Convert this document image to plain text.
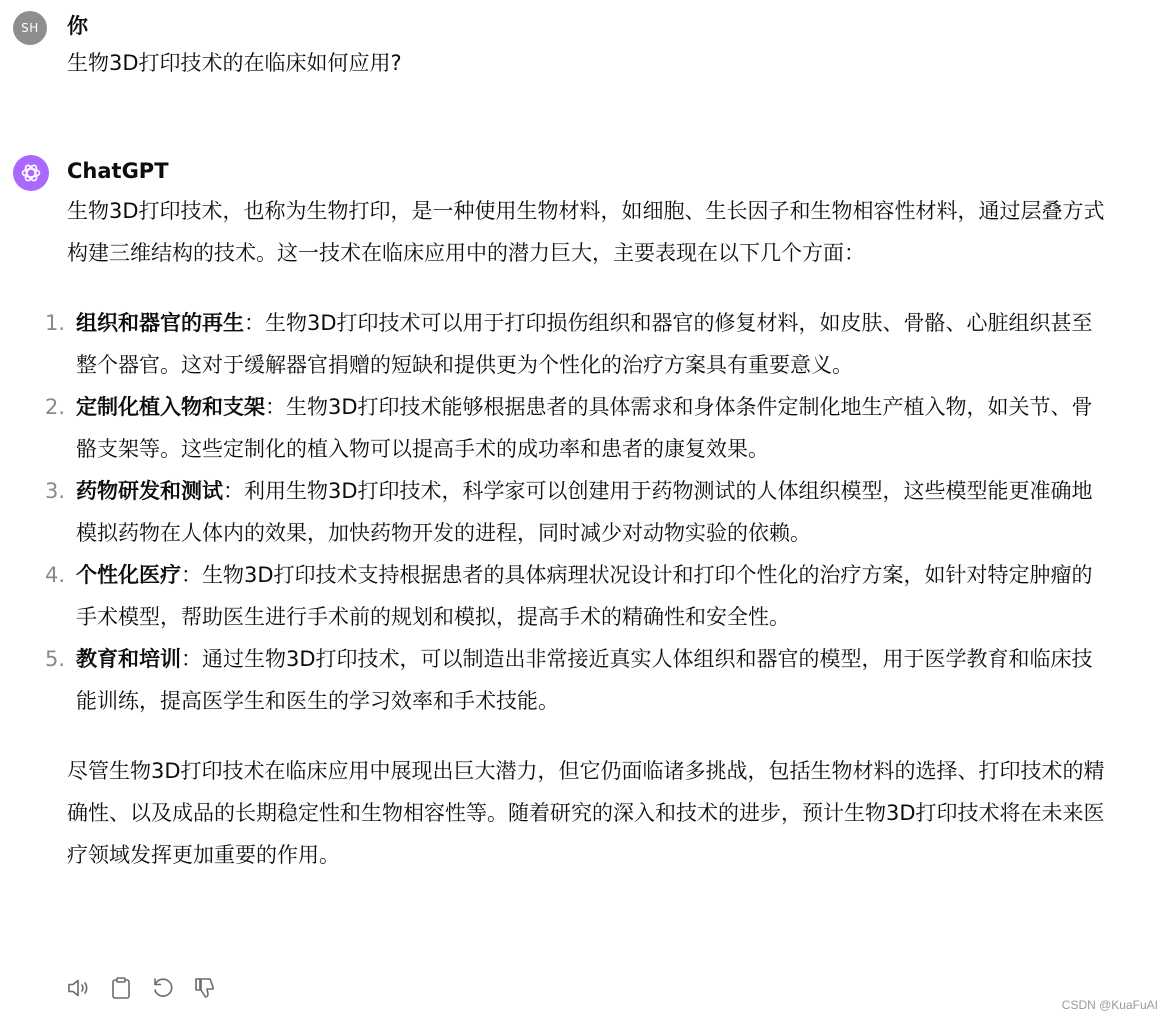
SH 你
生物3D打印技术的在临床如何应用?
ChatGPT

生物3D打印技术，也称为生物打印，是一种使用生物材料，如细胞、生长因子和生物相容性材料，通过层叠方式构建三维结构的技术。这一技术在临床应用中的潜力巨大，主要表现在以下几个方面：

1. 组织和器官的再生：生物3D打印技术可以用于打印损伤组织和器官的修复材料，如皮肤、骨骼、心脏组织甚至整个器官。这对于缓解器官捐赠的短缺和提供更为个性化的治疗方案具有重要意义。
2. 定制化植入物和支架：生物3D打印技术能够根据患者的具体需求和身体条件定制化地生产植入物，如关节、骨骼支架等。这些定制化的植入物可以提高手术的成功率和患者的康复效果。
3. 药物研发和测试：利用生物3D打印技术，科学家可以创建用于药物测试的人体组织模型，这些模型能更准确地模拟药物在人体内的效果，加快药物开发的进程，同时减少对动物实验的依赖。
4. 个性化医疗：生物3D打印技术支持根据患者的具体病理状况设计和打印个性化的治疗方案，如针对特定肿瘤的手术模型，帮助医生进行手术前的规划和模拟，提高手术的精确性和安全性。
5. 教育和培训：通过生物3D打印技术，可以制造出非常接近真实人体组织和器官的模型，用于医学教育和临床技能训练，提高医学生和医生的学习效率和手术技能。

尽管生物3D打印技术在临床应用中展现出巨大潜力，但它仍面临诸多挑战，包括生物材料的选择、打印技术的精确性、以及成品的长期稳定性和生物相容性等。随着研究的深入和技术的进步，预计生物3D打印技术将在未来医疗领域发挥更加重要的作用。

CSDN @KuaFuAI
